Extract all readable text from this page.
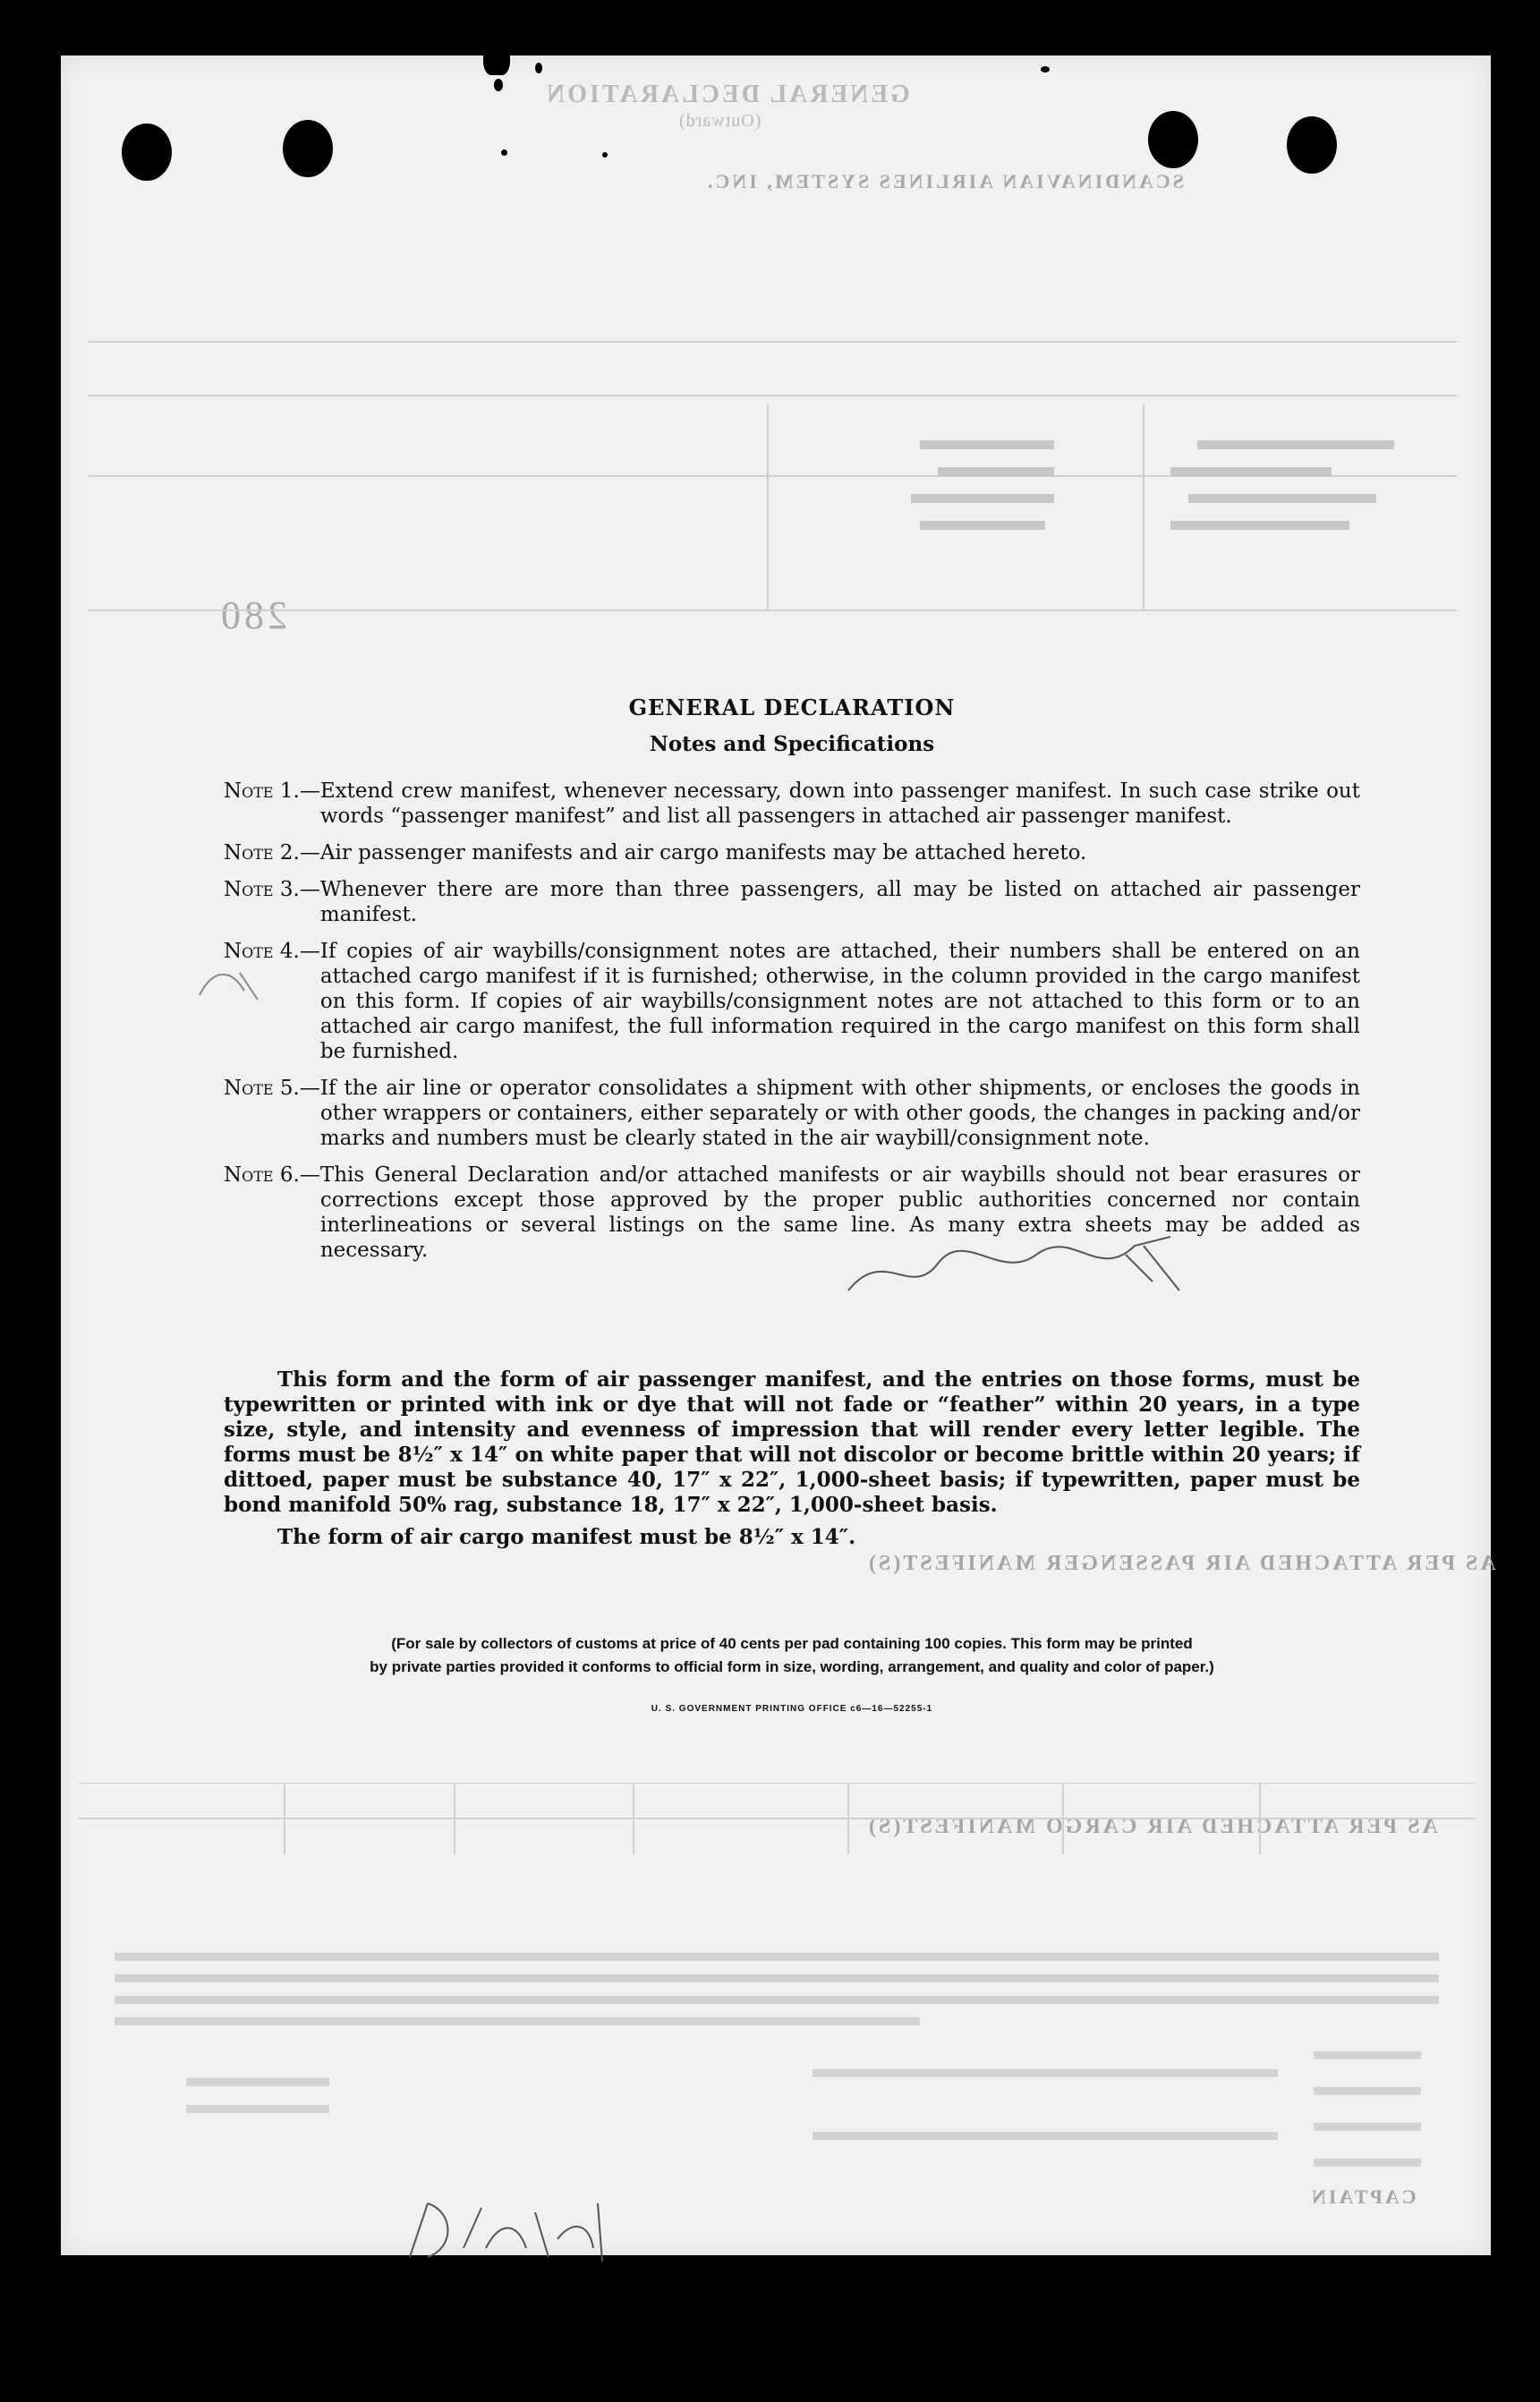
GENERAL DECLARATION
(Outward)
SCANDINAVIAN AIRLINES SYSTEM, INC.
280
AS PER ATTACHED AIR PASSENGER MANIFEST(S)
AS PER ATTACHED AIR CARGO MANIFEST(S)
CAPTAIN
GENERAL DECLARATION
Notes and Specifications
Note 1.— Extend crew manifest, whenever necessary, down into passenger manifest. In such case strike out words “passenger manifest” and list all passengers in attached air passenger manifest.
Note 2.— Air passenger manifests and air cargo manifests may be attached hereto.
Note 3.— Whenever there are more than three passengers, all may be listed on attached air passenger manifest.
Note 4.— If copies of air waybills/consignment notes are attached, their numbers shall be entered on an attached cargo manifest if it is furnished; otherwise, in the column provided in the cargo manifest on this form. If copies of air waybills/consignment notes are not attached to this form or to an attached air cargo manifest, the full information required in the cargo manifest on this form shall be furnished.
Note 5.— If the air line or operator consolidates a shipment with other shipments, or encloses the goods in other wrappers or containers, either separately or with other goods, the changes in packing and/or marks and numbers must be clearly stated in the air waybill/consignment note.
Note 6.— This General Declaration and/or attached manifests or air waybills should not bear erasures or corrections except those approved by the proper public authorities concerned nor contain interlineations or several listings on the same line. As many extra sheets may be added as necessary.
This form and the form of air passenger manifest, and the entries on those forms, must be typewritten or printed with ink or dye that will not fade or “feather” within 20 years, in a type size, style, and intensity and evenness of impression that will render every letter legible. The forms must be 8½″ x 14″ on white paper that will not discolor or become brittle within 20 years; if dittoed, paper must be substance 40, 17″ x 22″, 1,000-sheet basis; if typewritten, paper must be bond manifold 50% rag, substance 18, 17″ x 22″, 1,000-sheet basis.
The form of air cargo manifest must be 8½″ x 14″.
(For sale by collectors of customs at price of 40 cents per pad containing 100 copies. This form may be printed
by private parties provided it conforms to official form in size, wording, arrangement, and quality and color of paper.)
U. S. GOVERNMENT PRINTING OFFICE c6—16—52255-1
